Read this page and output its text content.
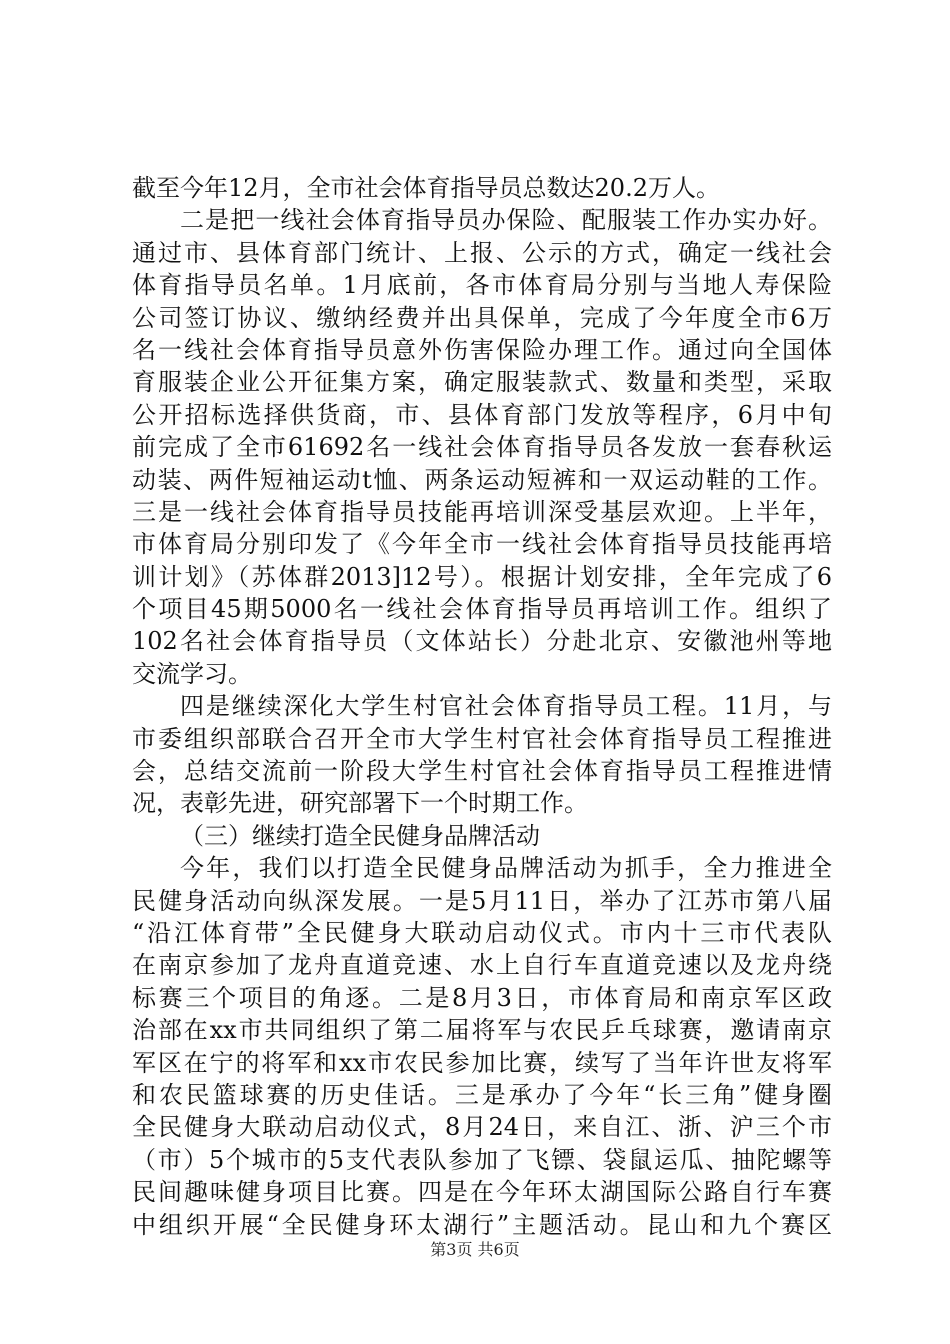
截至今年12月，全市社会体育指导员总数达20.2万人。
二是把一线社会体育指导员办保险、配服装工作办实办好。
通过市、县体育部门统计、上报、公示的方式，确定一线社会
体育指导员名单。1月底前，各市体育局分别与当地人寿保险
公司签订协议、缴纳经费并出具保单，完成了今年度全市6万
名一线社会体育指导员意外伤害保险办理工作。通过向全国体
育服装企业公开征集方案，确定服装款式、数量和类型，采取
公开招标选择供货商，市、县体育部门发放等程序，6月中旬
前完成了全市61692名一线社会体育指导员各发放一套春秋运
动装、两件短袖运动t恤、两条运动短裤和一双运动鞋的工作。
三是一线社会体育指导员技能再培训深受基层欢迎。上半年，
市体育局分别印发了《今年全市一线社会体育指导员技能再培
训计划》（苏体群2013]12号）。根据计划安排，全年完成了6
个项目45期5000名一线社会体育指导员再培训工作。组织了
102名社会体育指导员（文体站长）分赴北京、安徽池州等地
交流学习。
四是继续深化大学生村官社会体育指导员工程。11月，与
市委组织部联合召开全市大学生村官社会体育指导员工程推进
会，总结交流前一阶段大学生村官社会体育指导员工程推进情
况，表彰先进，研究部署下一个时期工作。
（三）继续打造全民健身品牌活动
今年，我们以打造全民健身品牌活动为抓手，全力推进全
民健身活动向纵深发展。一是5月11日，举办了江苏市第八届
“沿江体育带”全民健身大联动启动仪式。市内十三市代表队
在南京参加了龙舟直道竞速、水上自行车直道竞速以及龙舟绕
标赛三个项目的角逐。二是8月3日，市体育局和南京军区政
治部在xx市共同组织了第二届将军与农民乒乓球赛，邀请南京
军区在宁的将军和xx市农民参加比赛，续写了当年许世友将军
和农民篮球赛的历史佳话。三是承办了今年“长三角”健身圈
全民健身大联动启动仪式，8月24日，来自江、浙、沪三个市
（市）5个城市的5支代表队参加了飞镖、袋鼠运瓜、抽陀螺等
民间趣味健身项目比赛。四是在今年环太湖国际公路自行车赛
中组织开展“全民健身环太湖行”主题活动。昆山和九个赛区
第3页 共6页
